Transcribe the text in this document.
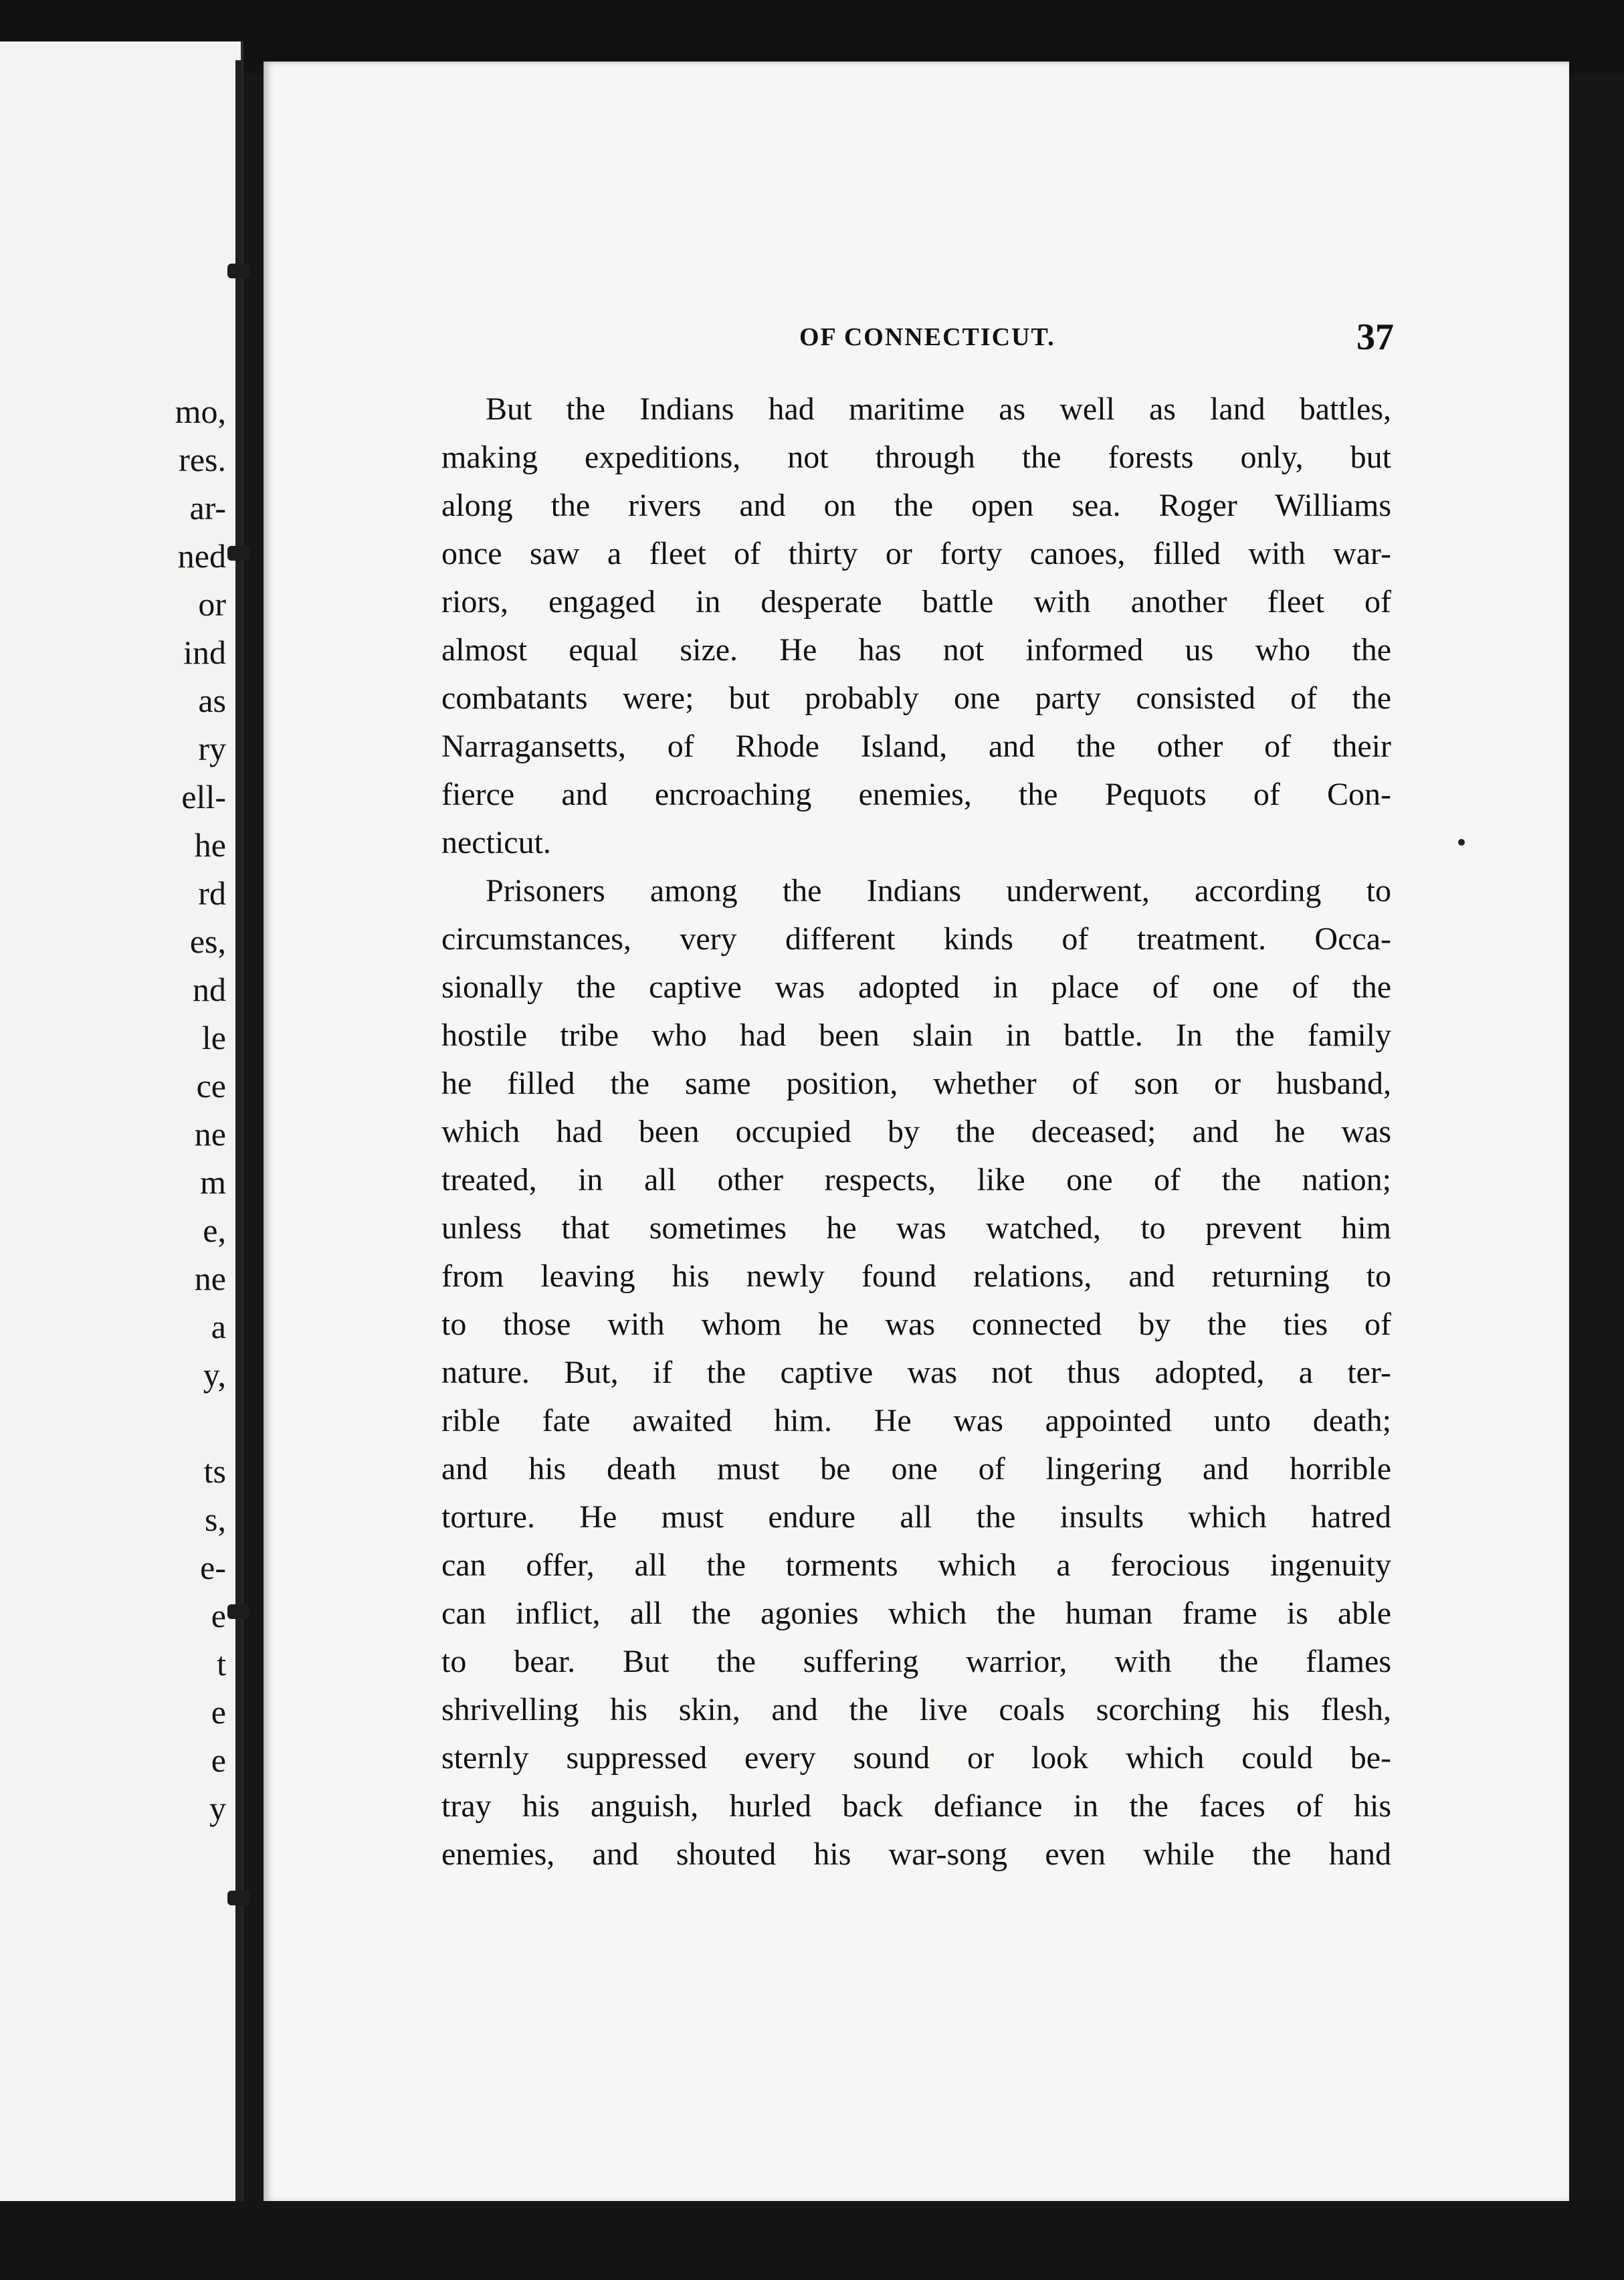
mo,
res.
ar-
ned
or
ind
as
ry
ell-
he
rd
es,
nd
le
ce
ne
m
e,
ne
a
y,
ts
s,
e-
e
t
e
e
y
OF CONNECTICUT.	37
But the Indians had maritime as well as land battles,
making expeditions, not through the forests only, but
along the rivers and on the open sea. Roger Williams
once saw a fleet of thirty or forty canoes, filled with war-
riors, engaged in desperate battle with another fleet of
almost equal size. He has not informed us who the
combatants were; but probably one party consisted of the
Narragansetts, of Rhode Island, and the other of their
fierce and encroaching enemies, the Pequots of Con-
necticut.
Prisoners among the Indians underwent, according to
circumstances, very different kinds of treatment. Occa-
sionally the captive was adopted in place of one of the
hostile tribe who had been slain in battle. In the family
he filled the same position, whether of son or husband,
which had been occupied by the deceased; and he was
treated, in all other respects, like one of the nation;
unless that sometimes he was watched, to prevent him
from leaving his newly found relations, and returning to
to those with whom he was connected by the ties of
nature. But, if the captive was not thus adopted, a ter-
rible fate awaited him. He was appointed unto death;
and his death must be one of lingering and horrible
torture. He must endure all the insults which hatred
can offer, all the torments which a ferocious ingenuity
can inflict, all the agonies which the human frame is able
to bear. But the suffering warrior, with the flames
shrivelling his skin, and the live coals scorching his flesh,
sternly suppressed every sound or look which could be-
tray his anguish, hurled back defiance in the faces of his
enemies, and shouted his war-song even while the hand
